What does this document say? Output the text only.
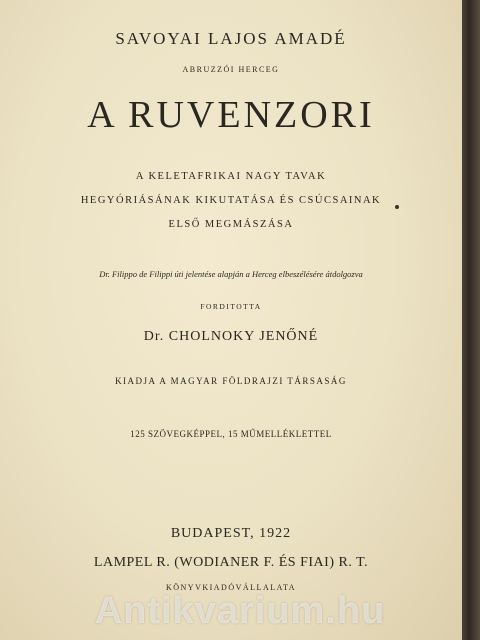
SAVOYAI LAJOS AMADÉ
ABRUZZÓI HERCEG
A RUVENZORI
A KELETAFRIKAI NAGY TAVAK
HEGYÓRIÁSÁNAK KIKUTATÁSA ÉS CSÚCSAINAK
ELSŐ MEGMÁSZÁSA
Dr. Filippo de Filippi úti jelentése alapján a Herceg elbeszélésére átdolgozva
FORDITOTTA
Dr. CHOLNOKY JENŐNÉ
KIADJA A MAGYAR FÖLDRAJZI TÁRSASÁG
125 SZÖVEGKÉPPEL, 15 MŰMELLÉKLETTEL
BUDAPEST, 1922
LAMPEL R. (WODIANER F. ÉS FIAI) R. T.
KÖNYVKIADÓVÁLLALATA
Antikvarium.hu
